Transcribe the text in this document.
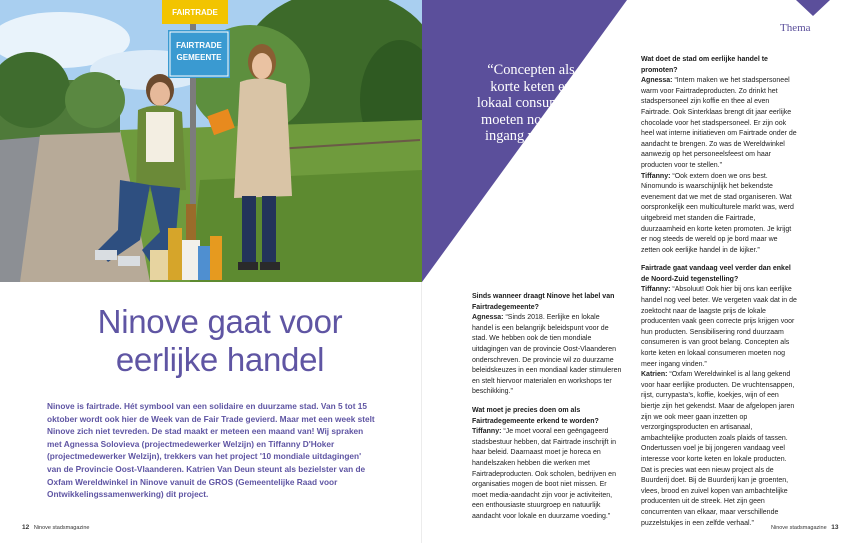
FAIRTRADE
FAIRTRADE
GEMEENTE

“Concepten als korte keten en lokaal consumeren moeten nog meer ingang vinden.”

Thema
Ninove gaat voor
eerlijke handel

Ninove is fairtrade. Hét symbool van een solidaire en duurzame stad. Van 5 tot 15 oktober wordt ook hier de Week van de Fair Trade gevierd. Maar met een week stelt Ninove zich niet tevreden. De stad maakt er meteen een maand van! Wij spraken met Agnessa Solovieva (projectmedewerker Welzijn) en Tiffanny D'Hoker (projectmedewerker Welzijn), trekkers van het project '10 mondiale uitdagingen' van de Provincie Oost-Vlaanderen. Katrien Van Deun steunt als bezielster van de Oxfam Wereldwinkel in Ninove vanuit de GROS (Gemeentelijke Raad voor Ontwikkelingssamenwerking) dit project.

Sinds wanneer draagt Ninove het label van Fairtradegemeente?

Agnessa: “Sinds 2018. Eerlijke en lokale handel is een belangrijk beleidspunt voor de stad. We hebben ook de tien mondiale uitdagingen van de provincie Oost-Vlaanderen onderschreven. De provincie wil zo duurzame beleidskeuzes in een mondiaal kader stimuleren en stelt hiervoor materialen en workshops ter beschikking.”

Wat moet je precies doen om als Fairtradegemeente erkend te worden?

Tiffanny: “Je moet vooral een geëngageerd stadsbestuur hebben, dat Fairtrade inschrijft in haar beleid. Daarnaast moet je horeca en handelszaken hebben die werken met Fairtradeproducten. Ook scholen, bedrijven en organisaties mogen de boot niet missen. Er moet media-aandacht zijn voor je activiteiten, een enthousiaste stuurgroep en natuurlijk aandacht voor lokale en duurzame voeding.”

Wat doet de stad om eerlijke handel te promoten?

Agnessa: “Intern maken we het stadspersoneel warm voor Fairtradeproducten. Zo drinkt het stadspersoneel zijn koffie en thee al even Fairtrade. Ook Sinterklaas brengt dit jaar eerlijke chocolade voor het stadspersoneel. Er zijn ook heel wat interne initiatieven om Fairtrade onder de aandacht te brengen. Zo was de Wereldwinkel aanwezig op het personeelsfeest om haar producten voor te stellen.”

Tiffanny: “Ook extern doen we ons best. Ninomundo is waarschijnlijk het bekendste evenement dat we met de stad organiseren. Wat oorspronkelijk een multiculturele markt was, werd uitgebreid met standen die Fairtrade, duurzaamheid en korte keten promoten. Je krijgt er nog steeds de wereld op je bord maar we zetten ook eerlijke handel in de kijker.”

Fairtrade gaat vandaag veel verder dan enkel de Noord-Zuid tegenstelling?

Tiffanny: “Absoluut! Ook hier bij ons kan eerlijke handel nog veel beter. We vergeten vaak dat in de zoektocht naar de laagste prijs de lokale producenten vaak geen correcte prijs krijgen voor hun producten. Sensibilisering rond duurzaam consumeren is van groot belang. Concepten als korte keten en lokaal consumeren moeten nog meer ingang vinden.”

Katrien: “Oxfam Wereldwinkel is al lang gekend voor haar eerlijke producten. De vruchtensappen, rijst, currypasta's, koffie, koekjes, wijn of een biertje zijn het gekendst. Maar de afgelopen jaren zijn we ook meer gaan inzetten op verzorgingsproducten en artisanaal, ambachtelijke producten zoals plaids of tassen. Ondertussen voel je bij jongeren vandaag veel interesse voor korte keten en lokale producten. Dat is precies wat een nieuw project als de Buurderij doet. Bij de Buurderij kan je groenten, vlees, brood en zuivel kopen van ambachtelijke producenten uit de streek. Het zijn geen concurrenten van elkaar, maar verschillende puzzelstukjes in een zelfde verhaal.”

12 Ninove stadsmagazine	Ninove stadsmagazine 13
